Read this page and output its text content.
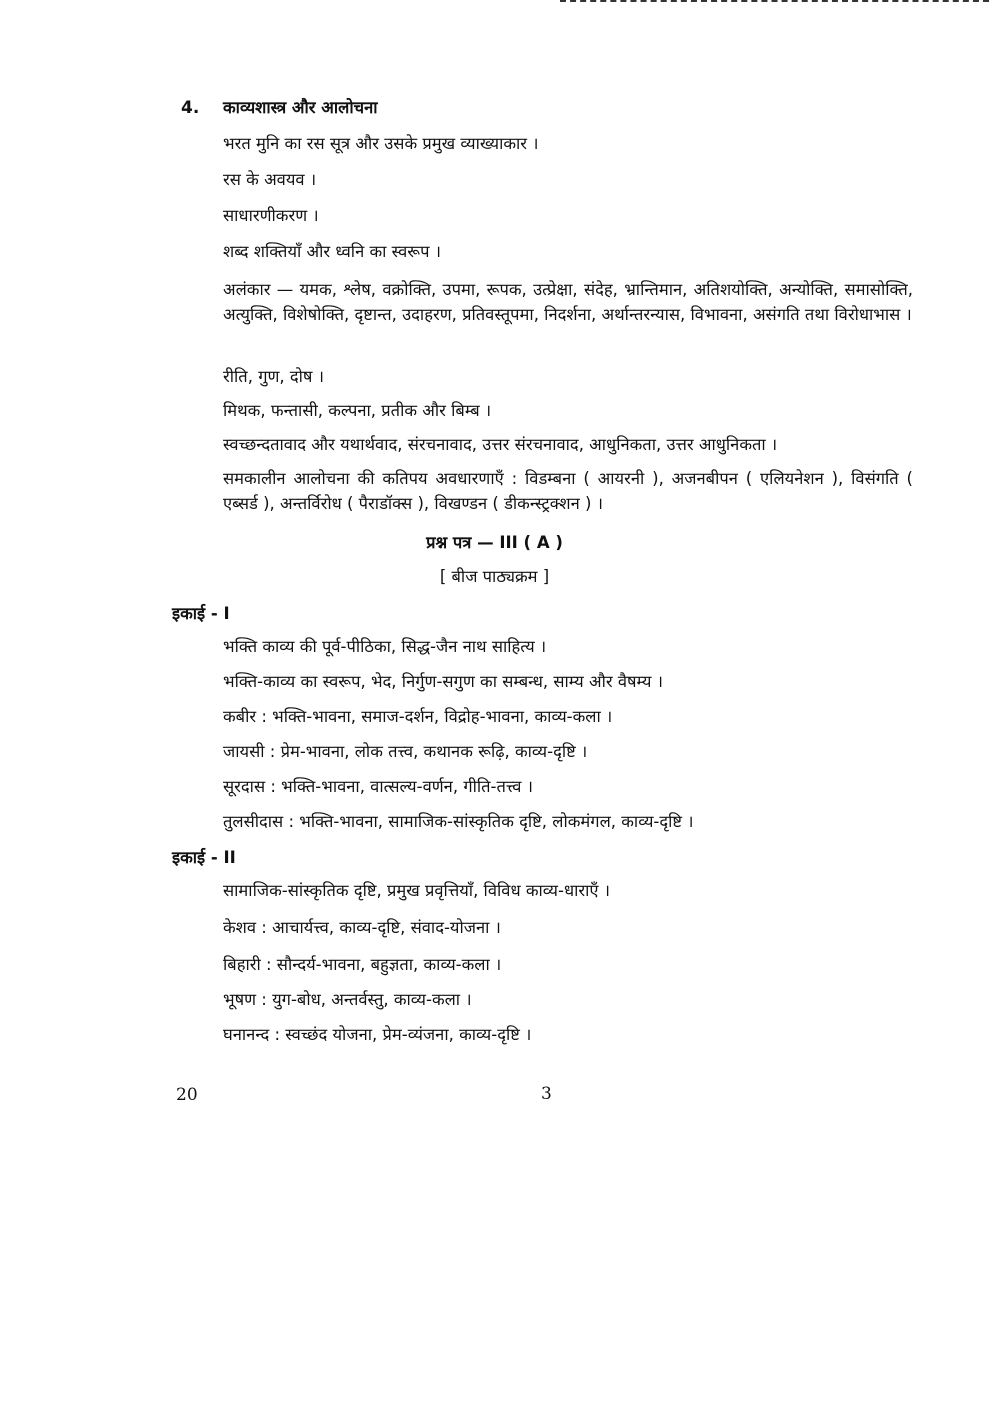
4. काव्यशास्त्र और आलोचना
भरत मुनि का रस सूत्र और उसके प्रमुख व्याख्याकार ।
रस के अवयव ।
साधारणीकरण ।
शब्द शक्तियाँ और ध्वनि का स्वरूप ।
अलंकार — यमक, श्लेष, वक्रोक्ति, उपमा, रूपक, उत्प्रेक्षा, संदेह, भ्रान्तिमान, अतिशयोक्ति, अन्योक्ति, समासोक्ति, अत्युक्ति, विशेषोक्ति, दृष्टान्त, उदाहरण, प्रतिवस्तूपमा, निदर्शना, अर्थान्तरन्यास, विभावना, असंगति तथा विरोधाभास ।
रीति, गुण, दोष ।
मिथक, फन्तासी, कल्पना, प्रतीक और बिम्ब ।
स्वच्छन्दतावाद और यथार्थवाद, संरचनावाद, उत्तर संरचनावाद, आधुनिकता, उत्तर आधुनिकता ।
समकालीन आलोचना की कतिपय अवधारणाएँ : विडम्बना ( आयरनी ), अजनबीपन ( एलियनेशन ), विसंगति ( एब्सर्ड ), अन्तर्विरोध ( पैराडॉक्स ), विखण्डन ( डीकन्स्ट्रक्शन ) ।
प्रश्न पत्र — III ( A )
[ बीज पाठ्यक्रम ]
इकाई - I
भक्ति काव्य की पूर्व-पीठिका, सिद्ध-जैन नाथ साहित्य ।
भक्ति-काव्य का स्वरूप, भेद, निर्गुण-सगुण का सम्बन्ध, साम्य और वैषम्य ।
कबीर : भक्ति-भावना, समाज-दर्शन, विद्रोह-भावना, काव्य-कला ।
जायसी : प्रेम-भावना, लोक तत्त्व, कथानक रूढ़ि, काव्य-दृष्टि ।
सूरदास : भक्ति-भावना, वात्सल्य-वर्णन, गीति-तत्त्व ।
तुलसीदास : भक्ति-भावना, सामाजिक-सांस्कृतिक दृष्टि, लोकमंगल, काव्य-दृष्टि ।
इकाई - II
सामाजिक-सांस्कृतिक दृष्टि, प्रमुख प्रवृत्तियाँ, विविध काव्य-धाराएँ ।
केशव : आचार्यत्त्व, काव्य-दृष्टि, संवाद-योजना ।
बिहारी : सौन्दर्य-भावना, बहुज्ञता, काव्य-कला ।
भूषण : युग-बोध, अन्तर्वस्तु, काव्य-कला ।
घनानन्द : स्वच्छंद योजना, प्रेम-व्यंजना, काव्य-दृष्टि ।
20	3
